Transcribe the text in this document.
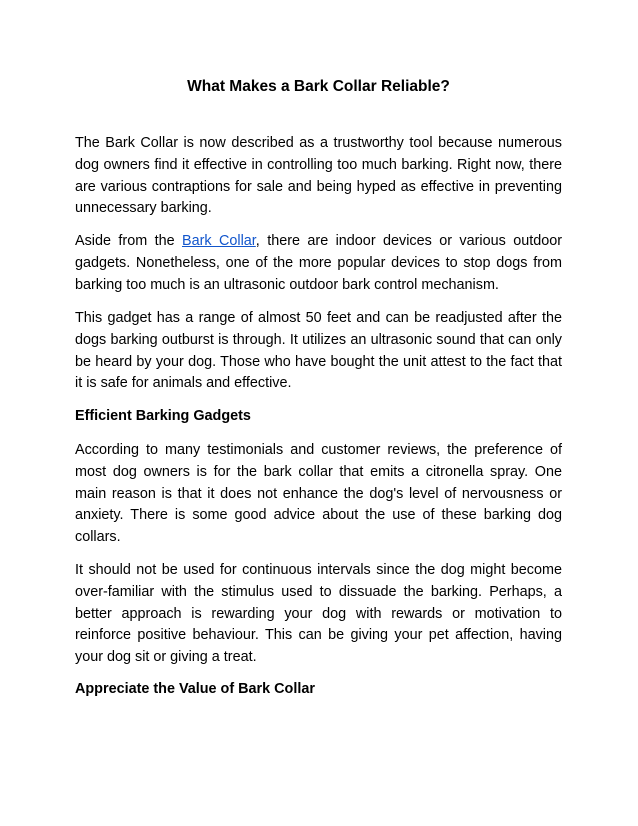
What Makes a Bark Collar Reliable?

The Bark Collar is now described as a trustworthy tool because numerous dog owners find it effective in controlling too much barking. Right now, there are various contraptions for sale and being hyped as effective in preventing unnecessary barking.

Aside from the Bark Collar, there are indoor devices or various outdoor gadgets. Nonetheless, one of the more popular devices to stop dogs from barking too much is an ultrasonic outdoor bark control mechanism.

This gadget has a range of almost 50 feet and can be readjusted after the dogs barking outburst is through. It utilizes an ultrasonic sound that can only be heard by your dog. Those who have bought the unit attest to the fact that it is safe for animals and effective.

Efficient Barking Gadgets

According to many testimonials and customer reviews, the preference of most dog owners is for the bark collar that emits a citronella spray. One main reason is that it does not enhance the dog's level of nervousness or anxiety. There is some good advice about the use of these barking dog collars.

It should not be used for continuous intervals since the dog might become over-familiar with the stimulus used to dissuade the barking. Perhaps, a better approach is rewarding your dog with rewards or motivation to reinforce positive behaviour. This can be giving your pet affection, having your dog sit or giving a treat.

Appreciate the Value of Bark Collar
